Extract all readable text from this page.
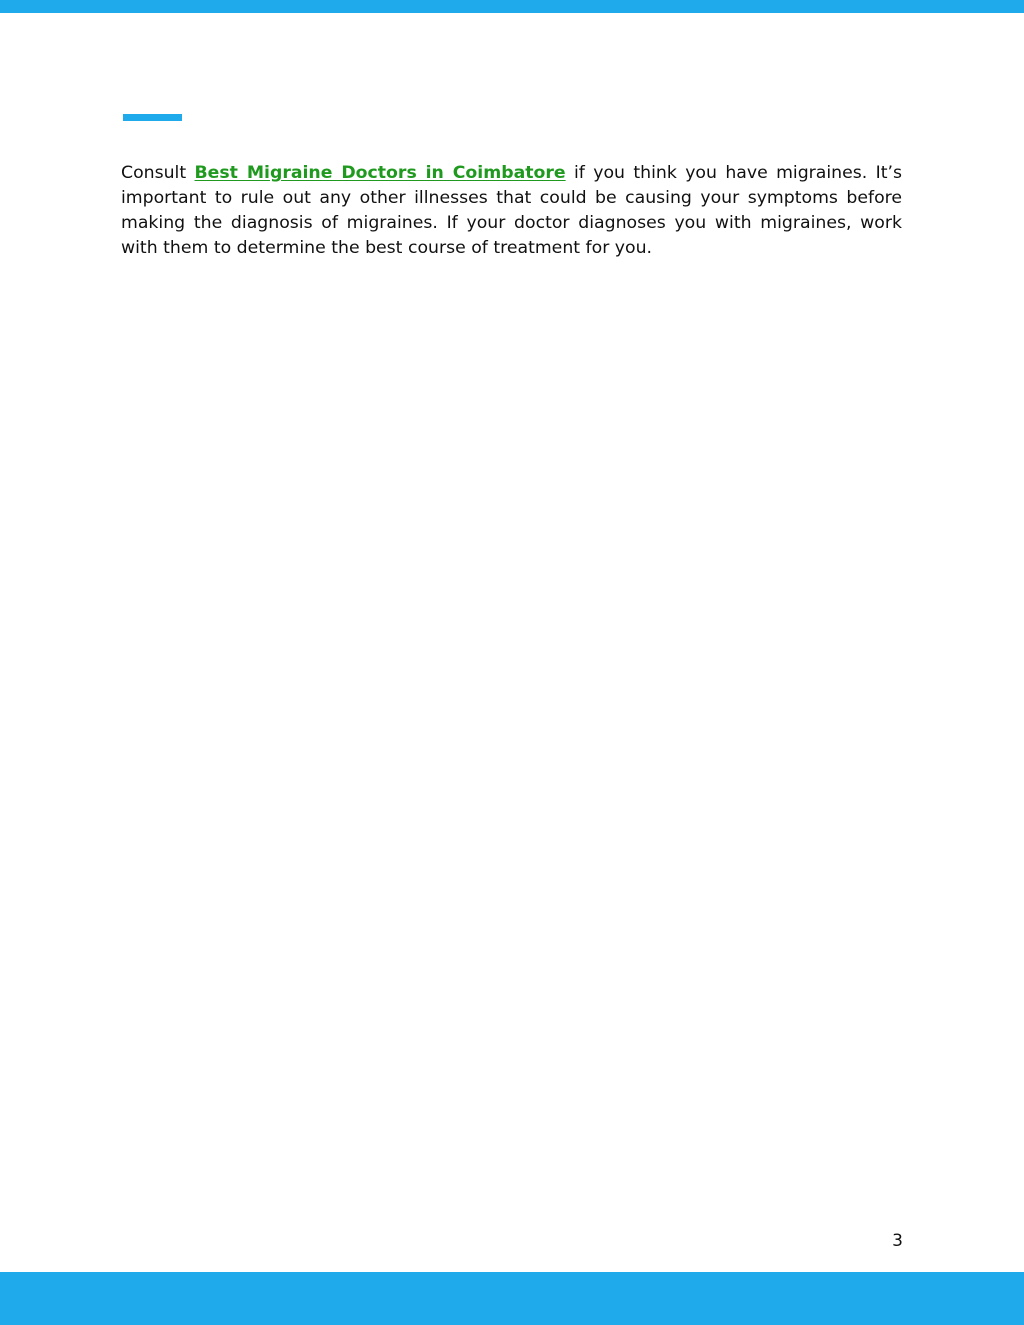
Consult Best Migraine Doctors in Coimbatore if you think you have migraines. It’s important to rule out any other illnesses that could be causing your symptoms before making the diagnosis of migraines. If your doctor diagnoses you with migraines, work with them to determine the best course of treatment for you.

3
